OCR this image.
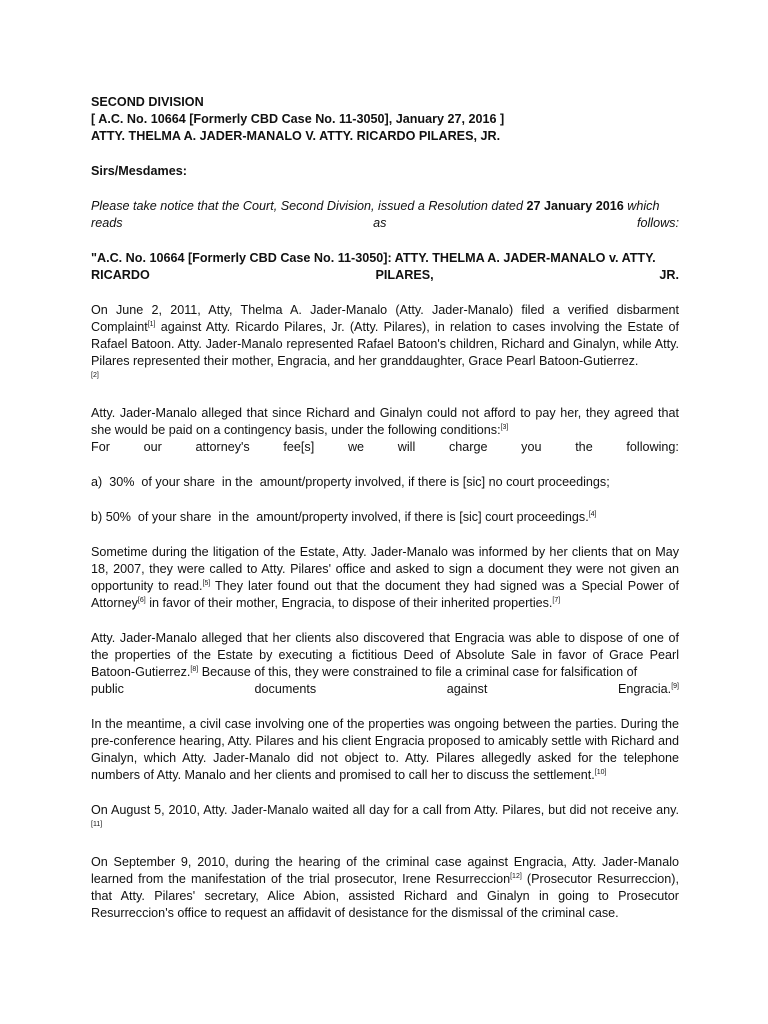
SECOND DIVISION
[ A.C. No. 10664 [Formerly CBD Case No. 11-3050], January 27, 2016 ]
ATTY. THELMA A. JADER-MANALO V. ATTY. RICARDO PILARES, JR.

Sirs/Mesdames:

Please take notice that the Court, Second Division, issued a Resolution dated 27 January 2016 which
reads	as	follows:
"A.C. No. 10664 [Formerly CBD Case No. 11-3050]: ATTY. THELMA A. JADER-MANALO v. ATTY.
RICARDO	PILARES,	JR.

On June 2, 2011, Atty, Thelma A. Jader-Manalo (Atty. Jader-Manalo) filed a verified disbarment Complaint[1] against Atty. Ricardo Pilares, Jr. (Atty. Pilares), in relation to cases involving the Estate of Rafael Batoon. Atty. Jader-Manalo represented Rafael Batoon's children, Richard and Ginalyn, while Atty. Pilares represented their mother, Engracia, and her granddaughter, Grace Pearl Batoon-Gutierrez.
[2]

Atty. Jader-Manalo alleged that since Richard and Ginalyn could not afford to pay her, they agreed that she would be paid on a contingency basis, under the following conditions:[3]

For	our	attorney's	fee[s]	we	will	charge	you	the	following:

a)  30%  of your share  in the  amount/property involved, if there is [sic] no court proceedings;

b) 50%  of your share  in the  amount/property involved, if there is [sic] court proceedings.[4]

Sometime during the litigation of the Estate, Atty. Jader-Manalo was informed by her clients that on May 18, 2007, they were called to Atty. Pilares' office and asked to sign a document they were not given an opportunity to read.[5] They later found out that the document they had signed was a Special Power of Attorney[6] in favor of their mother, Engracia, to dispose of their inherited properties.[7]

Atty. Jader-Manalo alleged that her clients also discovered that Engracia was able to dispose of one of the properties of the Estate by executing a fictitious Deed of Absolute Sale in favor of Grace Pearl Batoon-Gutierrez.[8] Because of this, they were constrained to file a criminal case for falsification of

public	documents	against	Engracia.[9]

In the meantime, a civil case involving one of the properties was ongoing between the parties. During the pre-conference hearing, Atty. Pilares and his client Engracia proposed to amicably settle with Richard and Ginalyn, which Atty. Jader-Manalo did not object to. Atty. Pilares allegedly asked for the telephone numbers of Atty. Manalo and her clients and promised to call her to discuss the settlement.[10]

On August 5, 2010, Atty. Jader-Manalo waited all day for a call from Atty. Pilares, but did not receive any.[11]

On September 9, 2010, during the hearing of the criminal case against Engracia, Atty. Jader-Manalo learned from the manifestation of the trial prosecutor, Irene Resurreccion[12] (Prosecutor Resurreccion), that Atty. Pilares' secretary, Alice Abion, assisted Richard and Ginalyn in going to Prosecutor Resurreccion's office to request an affidavit of desistance for the dismissal of the criminal case.
